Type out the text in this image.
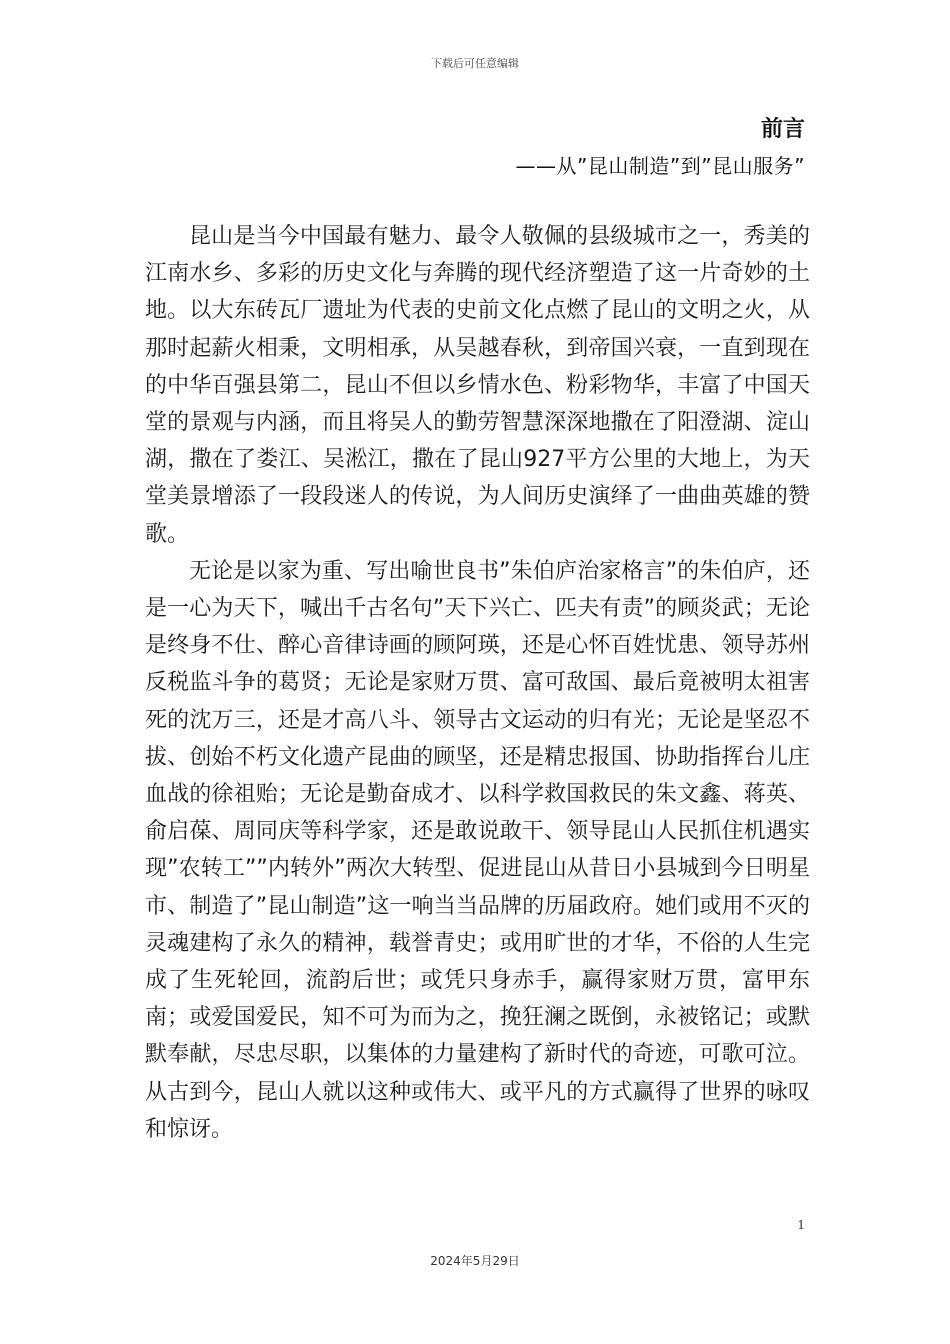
下载后可任意编辑
前言
——从”昆山制造”到”昆山服务”

昆山是当今中国最有魅力、最令人敬佩的县级城市之一，秀美的江南水乡、多彩的历史文化与奔腾的现代经济塑造了这一片奇妙的土地。以大东砖瓦厂遗址为代表的史前文化点燃了昆山的文明之火，从那时起薪火相秉，文明相承，从吴越春秋，到帝国兴衰，一直到现在的中华百强县第二，昆山不但以乡情水色、粉彩物华，丰富了中国天堂的景观与内涵，而且将吴人的勤劳智慧深深地撒在了阳澄湖、淀山湖，撒在了娄江、吴淞江，撒在了昆山927平方公里的大地上，为天堂美景增添了一段段迷人的传说，为人间历史演绎了一曲曲英雄的赞歌。

无论是以家为重、写出喻世良书”朱伯庐治家格言”的朱伯庐，还是一心为天下，喊出千古名句”天下兴亡、匹夫有责”的顾炎武；无论是终身不仕、醉心音律诗画的顾阿瑛，还是心怀百姓忧患、领导苏州反税监斗争的葛贤；无论是家财万贯、富可敌国、最后竟被明太祖害死的沈万三，还是才高八斗、领导古文运动的归有光；无论是坚忍不拔、创始不朽文化遗产昆曲的顾坚，还是精忠报国、协助指挥台儿庄血战的徐祖贻；无论是勤奋成才、以科学救国救民的朱文鑫、蒋英、俞启葆、周同庆等科学家，还是敢说敢干、领导昆山人民抓住机遇实现”农转工””内转外”两次大转型、促进昆山从昔日小县城到今日明星市、制造了”昆山制造”这一响当当品牌的历届政府。她们或用不灭的灵魂建构了永久的精神，载誉青史；或用旷世的才华，不俗的人生完成了生死轮回，流韵后世；或凭只身赤手，赢得家财万贯，富甲东南；或爱国爱民，知不可为而为之，挽狂澜之既倒，永被铭记；或默默奉献，尽忠尽职，以集体的力量建构了新时代的奇迹，可歌可泣。从古到今，昆山人就以这种或伟大、或平凡的方式赢得了世界的咏叹和惊讶。

1
2024年5月29日
